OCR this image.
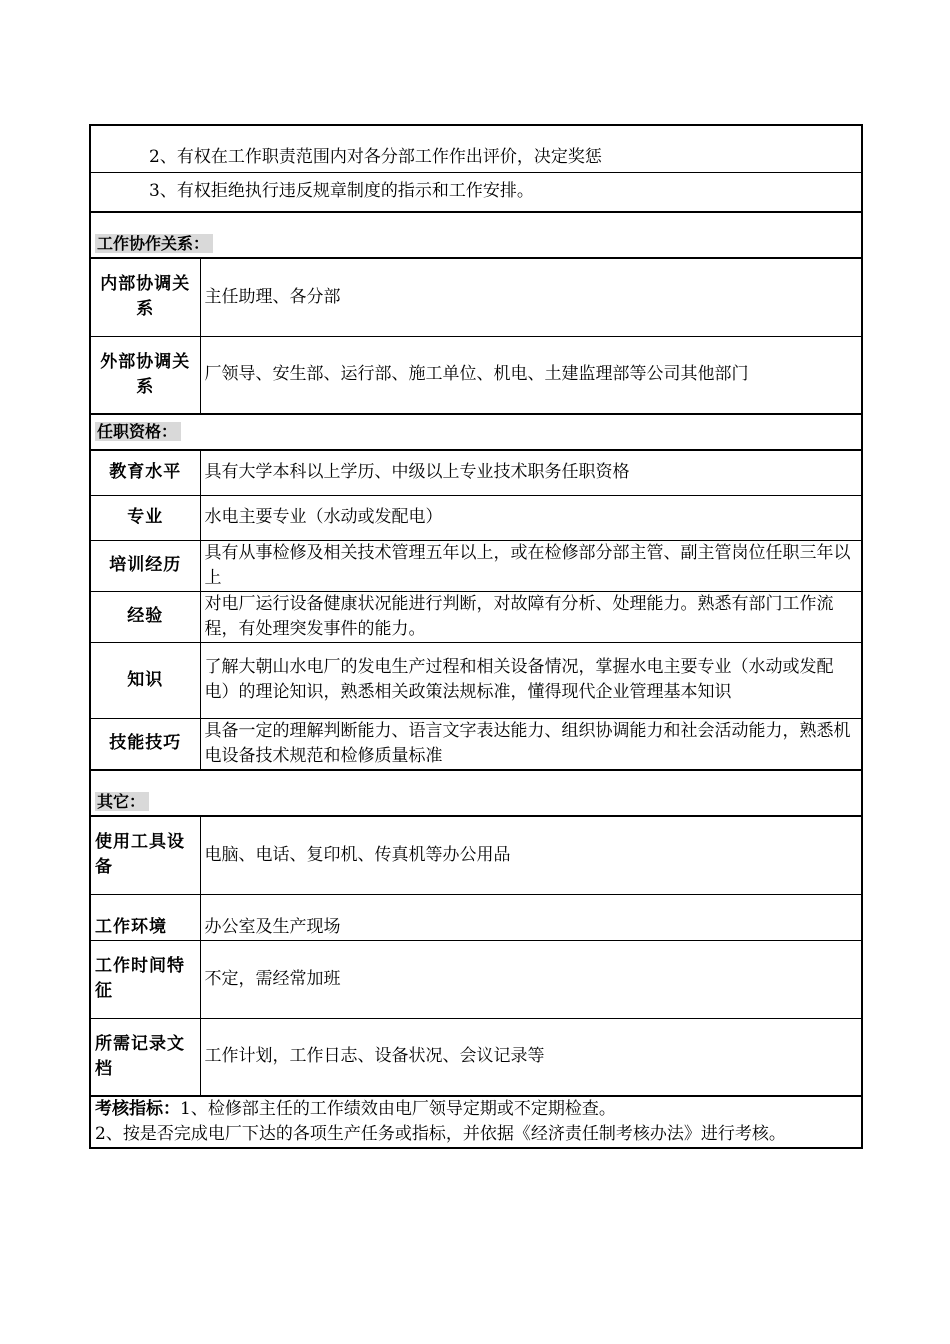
2、有权在工作职责范围内对各分部工作作出评价，决定奖惩	
3、有权拒绝执行违反规章制度的指示和工作安排。	
工作协作关系：	
内部协调关系	主任助理、各分部
外部协调关系	厂领导、安生部、运行部、施工单位、机电、土建监理部等公司其他部门
任职资格：	
教育水平	具有大学本科以上学历、中级以上专业技术职务任职资格
专业	水电主要专业（水动或发配电）
培训经历	具有从事检修及相关技术管理五年以上，或在检修部分部主管、副主管岗位任职三年以上
经验	对电厂运行设备健康状况能进行判断，对故障有分析、处理能力。熟悉有部门工作流程，有处理突发事件的能力。
知识	了解大朝山水电厂的发电生产过程和相关设备情况，掌握水电主要专业（水动或发配电）的理论知识，熟悉相关政策法规标准，懂得现代企业管理基本知识
技能技巧	具备一定的理解判断能力、语言文字表达能力、组织协调能力和社会活动能力，熟悉机电设备技术规范和检修质量标准
其它：	
使用工具设备	电脑、电话、复印机、传真机等办公用品
工作环境	办公室及生产现场
工作时间特征	不定，需经常加班
所需记录文档	工作计划，工作日志、设备状况、会议记录等
考核指标：1、检修部主任的工作绩效由电厂领导定期或不定期检查。
2、按是否完成电厂下达的各项生产任务或指标，并依据《经济责任制考核办法》进行考核。	
